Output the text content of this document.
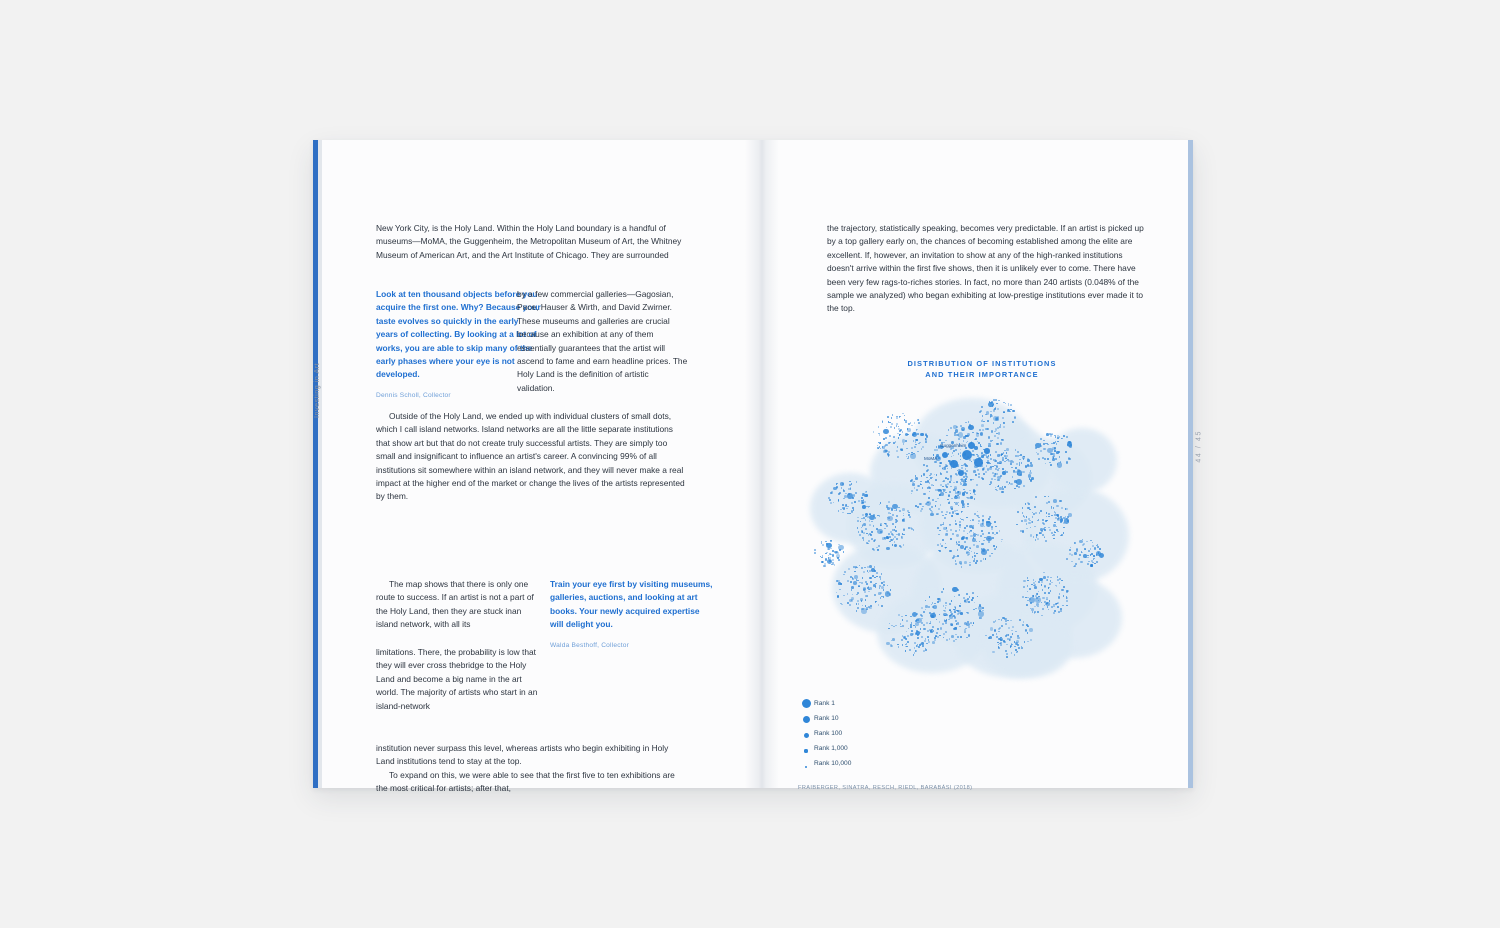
Investing in Art

New York City, is the Holy Land. Within the Holy Land boundary is a handful of museums—MoMA, the Guggenheim, the Metropolitan Museum of Art, the Whitney Museum of American Art, and the Art Institute of Chicago. They are surrounded

Look at ten thousand objects before you acquire the first one. Why? Because your taste evolves so quickly in the early years of collecting. By looking at a lot of works, you are able to skip many of the early phases where your eye is not developed.
Dennis Scholl, Collector

by a few commercial galleries—Gagosian, Pace, Hauser & Wirth, and David Zwirner. These museums and galleries are crucial because an exhibition at any of them essentially guarantees that the artist will ascend to fame and earn headline prices. The Holy Land is the definition of artistic validation.

Outside of the Holy Land, we ended up with individual clusters of small dots, which I call island networks. Island networks are all the little separate institutions that show art but that do not create truly successful artists. They are simply too small and insignificant to influence an artist's career. A convincing 99% of all institutions sit somewhere within an island network, and they will never make a real impact at the higher end of the market or change the lives of the artists represented by them.

The map shows that there is only one route to success. If an artist is not a part of the Holy Land, then they are stuck inan island network, with all its

limitations. There, the probability is low that they will ever cross thebridge to the Holy Land and become a big name in the art world. The majority of artists who start in an island-network

Train your eye first by visiting museums, galleries, auctions, and looking at art books. Your newly acquired expertise will delight you.
Walda Besthoff, Collector

institution never surpass this level, whereas artists who begin exhibiting in Holy Land institutions tend to stay at the top.

To expand on this, we were able to see that the first five to ten exhibitions are the most critical for artists; after that,

44 / 45

the trajectory, statistically speaking, becomes very predictable. If an artist is picked up by a top gallery early on, the chances of becoming established among the elite are excellent. If, however, an invitation to show at any of the high-ranked institutions doesn't arrive within the first five shows, then it is unlikely ever to come. There have been very few rags-to-riches stories. In fact, no more than 240 artists (0.048% of the sample we analyzed) who began exhibiting at low-prestige institutions ever made it to the top.

DISTRIBUTION OF INSTITUTIONS
AND THEIR IMPORTANCE
Guggenheim
MoMA
Rank 1
Rank 10
Rank 100
Rank 1,000
Rank 10,000
FRAIBERGER, SINATRA, RESCH, RIEDL, BARABÁSI (2018)
